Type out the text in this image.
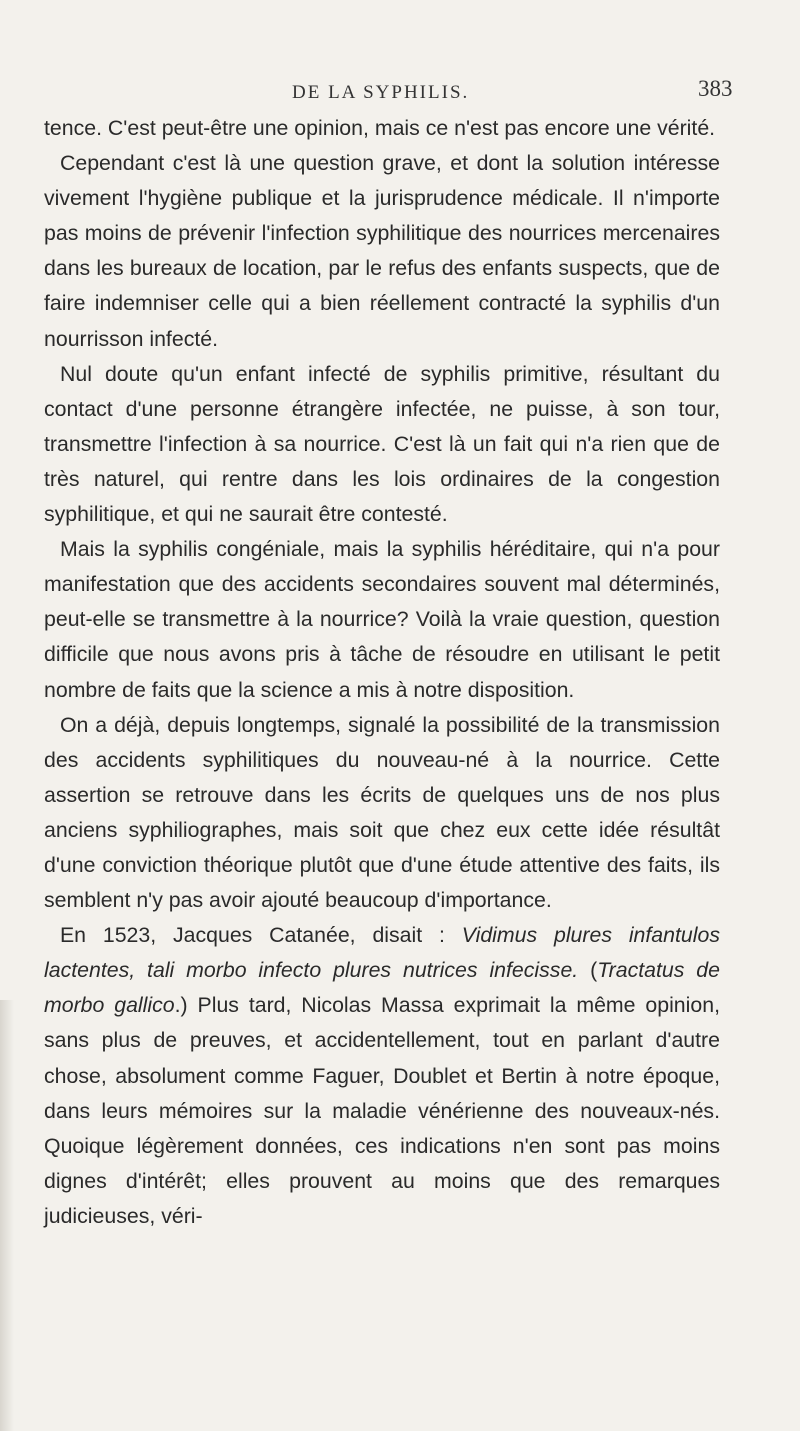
DE LA SYPHILIS.	383

tence. C'est peut-être une opinion, mais ce n'est pas encore une vérité.

Cependant c'est là une question grave, et dont la solution intéresse vivement l'hygiène publique et la jurisprudence médicale. Il n'importe pas moins de prévenir l'infection syphilitique des nourrices mercenaires dans les bureaux de location, par le refus des enfants suspects, que de faire indemniser celle qui a bien réellement contracté la syphilis d'un nourrisson infecté.

Nul doute qu'un enfant infecté de syphilis primitive, résultant du contact d'une personne étrangère infectée, ne puisse, à son tour, transmettre l'infection à sa nourrice. C'est là un fait qui n'a rien que de très naturel, qui rentre dans les lois ordinaires de la congestion syphilitique, et qui ne saurait être contesté.

Mais la syphilis congéniale, mais la syphilis héréditaire, qui n'a pour manifestation que des accidents secondaires souvent mal déterminés, peut-elle se transmettre à la nourrice? Voilà la vraie question, question difficile que nous avons pris à tâche de résoudre en utilisant le petit nombre de faits que la science a mis à notre disposition.

On a déjà, depuis longtemps, signalé la possibilité de la transmission des accidents syphilitiques du nouveau-né à la nourrice. Cette assertion se retrouve dans les écrits de quelques uns de nos plus anciens syphiliographes, mais soit que chez eux cette idée résultât d'une conviction théorique plutôt que d'une étude attentive des faits, ils semblent n'y pas avoir ajouté beaucoup d'importance.

En 1523, Jacques Catanée, disait : Vidimus plures infantulos lactentes, tali morbo infecto plures nutrices infecisse. (Tractatus de morbo gallico.) Plus tard, Nicolas Massa exprimait la même opinion, sans plus de preuves, et accidentellement, tout en parlant d'autre chose, absolument comme Faguer, Doublet et Bertin à notre époque, dans leurs mémoires sur la maladie vénérienne des nouveaux-nés. Quoique légèrement données, ces indications n'en sont pas moins dignes d'intérêt; elles prouvent au moins que des remarques judicieuses, véri-
